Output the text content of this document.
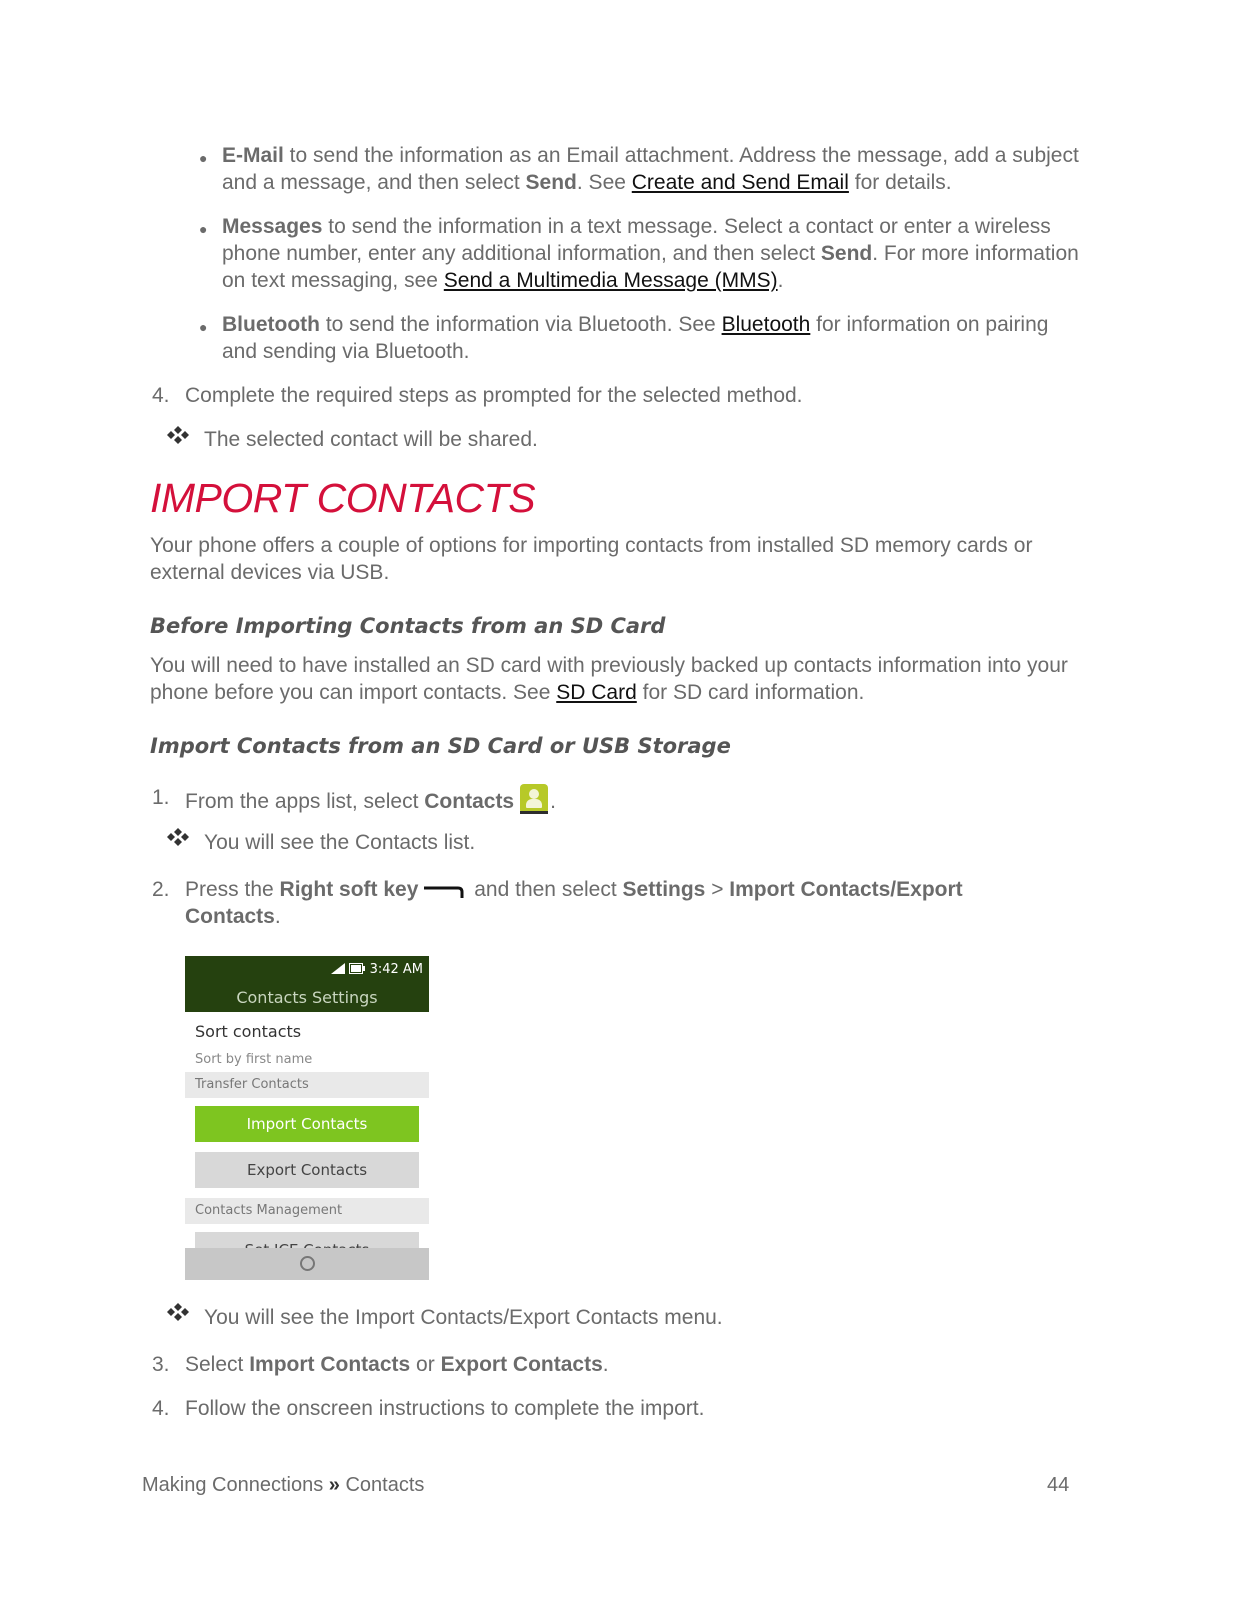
● E-Mail to send the information as an Email attachment. Address the message, add a subject and a message, and then select Send. See Create and Send Email for details.
● Messages to send the information in a text message. Select a contact or enter a wireless phone number, enter any additional information, and then select Send. For more information on text messaging, see Send a Multimedia Message (MMS).
● Bluetooth to send the information via Bluetooth. See Bluetooth for information on pairing and sending via Bluetooth.
4. Complete the required steps as prompted for the selected method.
The selected contact will be shared.
IMPORT CONTACTS
Your phone offers a couple of options for importing contacts from installed SD memory cards or external devices via USB.
Before Importing Contacts from an SD Card
You will need to have installed an SD card with previously backed up contacts information into your phone before you can import contacts. See SD Card for SD card information.
Import Contacts from an SD Card or USB Storage
1. From the apps list, select Contacts .
You will see the Contacts list.
2. Press the Right soft key and then select Settings > Import Contacts/Export Contacts.
3:42 AM
Contacts Settings
Sort contacts
Sort by first name
Transfer Contacts
Import Contacts
Export Contacts
Contacts Management
You will see the Import Contacts/Export Contacts menu.
3. Select Import Contacts or Export Contacts.
4. Follow the onscreen instructions to complete the import.
Making Connections » Contacts	44
